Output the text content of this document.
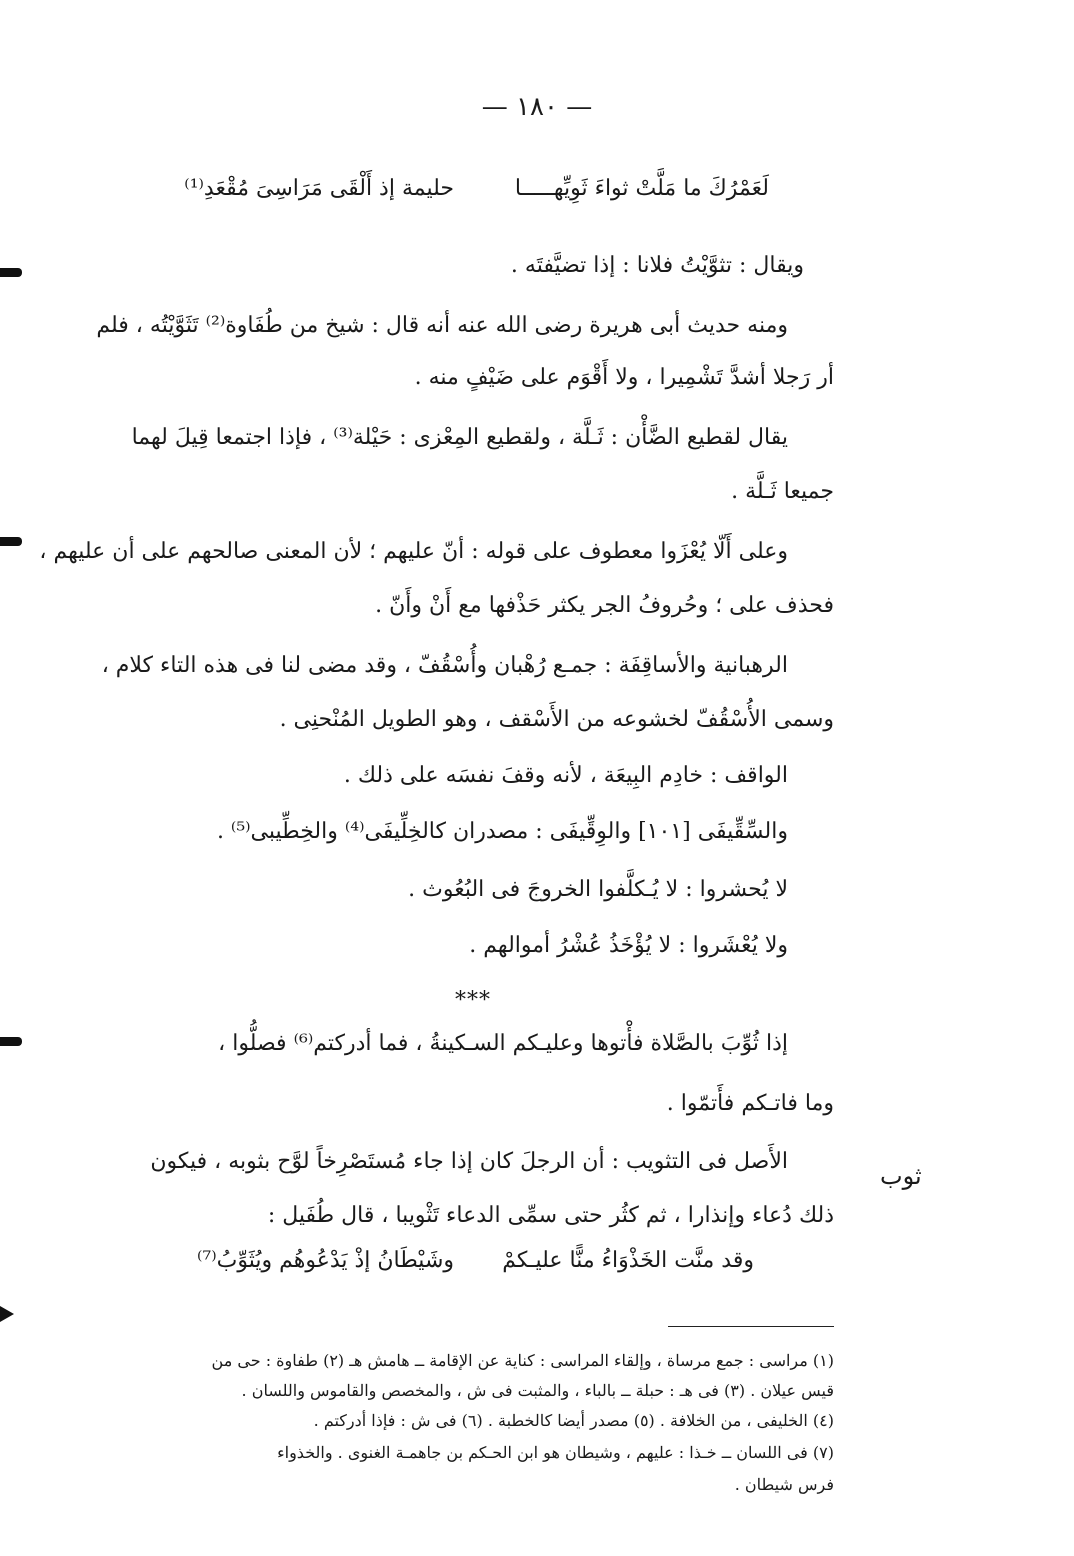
— ١٨٠ —
لَعَمْرُكَ ما مَلَّتْ ثواءَ ثَوِيِّهـــــا
حليمة إذ أَلْقَى مَرَاسِىَ مُقْعَدِ⁽¹⁾
ويقال : تثوَّيْتُ فلانا : إذا تضيَّفتَه .
ومنه حديث أبى هريرة رضى الله عنه أنه قال : شيخ من طُفَاوة⁽²⁾ تَثَوَّيْتُه ، فلم
أر رَجلا أشدَّ تَشْمِيرا ، ولا أَقْوَم على ضَيْفٍ منه .
يقال لقطيع الضَّأْن : ثَـلَّة ، ولقطيع المِعْزى : حَيْلة⁽³⁾ ، فإذا اجتمعا قِيلَ لهما
جميعا ثَـلَّة .
وعلى أَلّا يُعْزَوا معطوف على قوله : أنّ عليهم ؛ لأن المعنى صالحهم على أن عليهم ،
فحذف على ؛ وحُروفُ الجر يكثر حَذْفها مع أَنْ وأَنّ .
الرهبانية والأساقِفَة : جمـع رُهْبان وأُسْقُفّ ، وقد مضى لنا فى هذه التاء كلام ،
وسمى الأُسْقُفّ لخشوعه من الأَسْقف ، وهو الطويل المُنْحنِى .
الواقف : خادِم البِيعَة ، لأنه وقفَ نفسَه على ذلك .
والسِّقِّيفَى [١٠١] والوِقِّيفَى : مصدران كالخِلِّيفَى⁽⁴⁾ والخِطِّيبى⁽⁵⁾ .
لا يُحشروا : لا يُـكلَّفوا الخروجَ فى البُعُوث .
ولا يُعْشَروا : لا يُؤْخَذُ عُشْرُ أموالهم .
***
إذا ثُوِّبَ بالصَّلاة فأْتوها وعليـكم السـكينةُ ، فما أدركتم⁽⁶⁾ فصلُّوا ،
وما فاتـكم فأَتمّوا .
الأَصل فى التثويب : أن الرجلَ كان إذا جاء مُستَصْرِخاً لوَّح بثوبه ، فيكون
ذلك دُعاء وإنذارا ، ثم كثُر حتى سمِّى الدعاء تَثْويبا ، قال طُفَيل :
ثوب
وقد منَّت الخَذْوَاءُ منًّا عليـكمْ
وشَيْطَانُ إذْ يَدْعُوهُم ويُثَوِّبُ⁽⁷⁾
(١) مراسى : جمع مرساة ، وإلقاء المراسى : كناية عن الإقامة ــ هامش هـ (٢) طفاوة : حى من
قيس عيلان . (٣) فى هـ : حبلة ــ بالباء ، والمثبت فى ش ، والمخصص والقاموس واللسان .
(٤) الخليفى ، من الخلافة . (٥) مصدر أيضا كالخطبة . (٦) فى ش : فإذا أدركتم .
(٧) فى اللسان ــ خـذا : عليهم ، وشيطان هو ابن الحـكم بن جاهمـة الغنوى . والخذواء
فرس شيطان .
